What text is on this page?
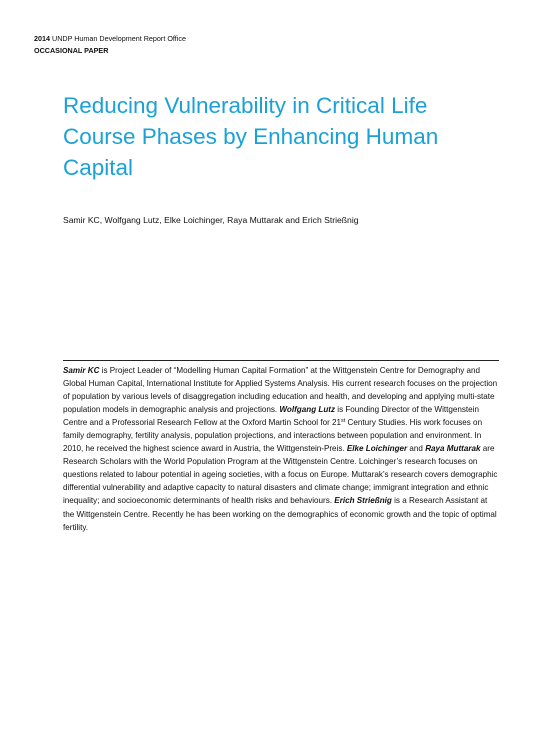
2014 UNDP Human Development Report Office
OCCASIONAL PAPER
Reducing Vulnerability in Critical Life Course Phases by Enhancing Human Capital
Samir KC, Wolfgang Lutz, Elke Loichinger, Raya Muttarak and Erich Strießnig

Samir KC is Project Leader of “Modelling Human Capital Formation” at the Wittgenstein Centre for Demography and Global Human Capital, International Institute for Applied Systems Analysis. His current research focuses on the projection of population by various levels of disaggregation including education and health, and developing and applying multi-state population models in demographic analysis and projections. Wolfgang Lutz is Founding Director of the Wittgenstein Centre and a Professorial Research Fellow at the Oxford Martin School for 21st Century Studies. His work focuses on family demography, fertility analysis, population projections, and interactions between population and environment. In 2010, he received the highest science award in Austria, the Wittgenstein-Preis. Elke Loichinger and Raya Muttarak are Research Scholars with the World Population Program at the Wittgenstein Centre. Loichinger’s research focuses on questions related to labour potential in ageing societies, with a focus on Europe. Muttarak’s research covers demographic differential vulnerability and adaptive capacity to natural disasters and climate change; immigrant integration and ethnic inequality; and socioeconomic determinants of health risks and behaviours. Erich Strießnig is a Research Assistant at the Wittgenstein Centre. Recently he has been working on the demographics of economic growth and the topic of optimal fertility.
